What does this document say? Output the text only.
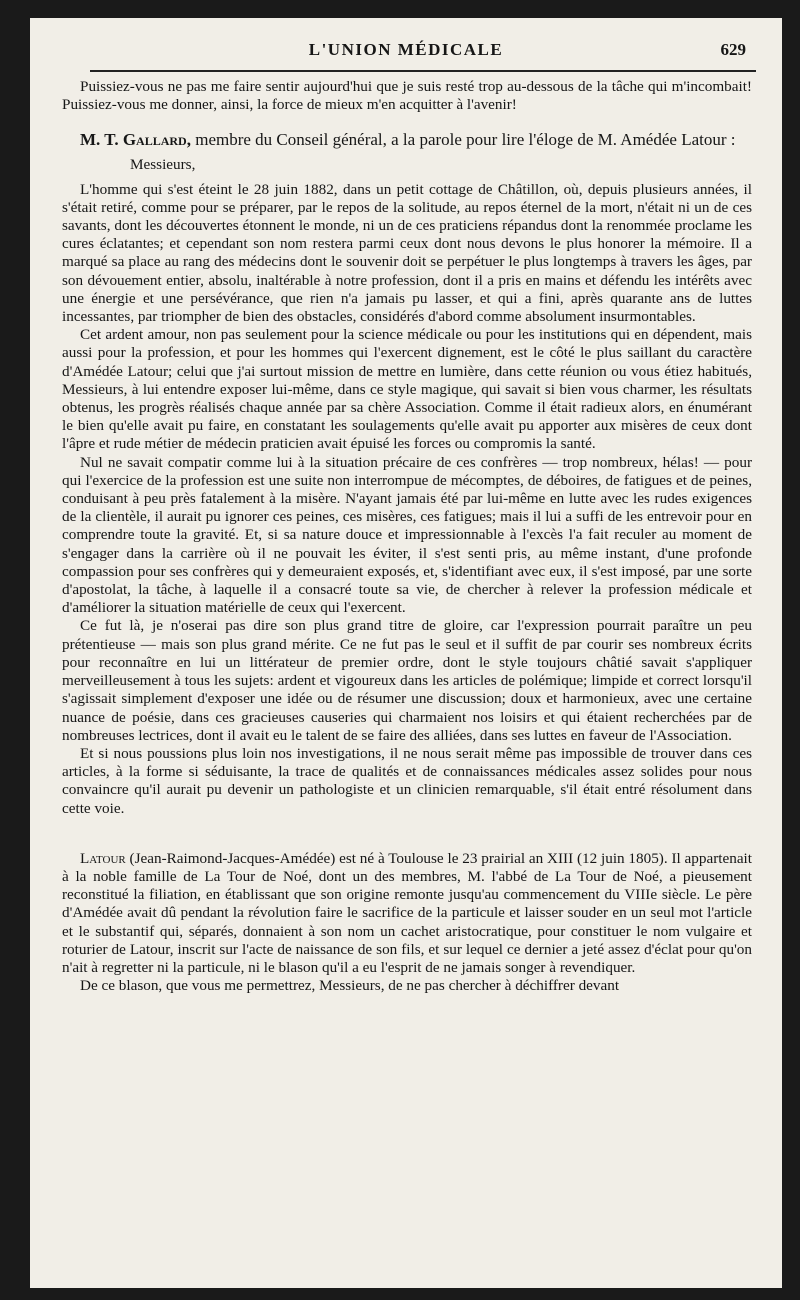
L'UNION MÉDICALE	629

Puissiez-vous ne pas me faire sentir aujourd'hui que je suis resté trop au-dessous de la tâche qui m'incombait! Puissiez-vous me donner, ainsi, la force de mieux m'en acquitter à l'avenir!

M. T. Gallard, membre du Conseil général, a la parole pour lire l'éloge de M. Amédée Latour :

Messieurs,

L'homme qui s'est éteint le 28 juin 1882, dans un petit cottage de Châtillon, où, depuis plusieurs années, il s'était retiré, comme pour se préparer, par le repos de la solitude, au repos éternel de la mort, n'était ni un de ces savants, dont les découvertes étonnent le monde, ni un de ces praticiens répandus dont la renommée proclame les cures éclatantes; et cependant son nom restera parmi ceux dont nous devons le plus honorer la mémoire. Il a marqué sa place au rang des médecins dont le souvenir doit se perpétuer le plus longtemps à travers les âges, par son dévouement entier, absolu, inaltérable à notre profession, dont il a pris en mains et défendu les intérêts avec une énergie et une persévérance, que rien n'a jamais pu lasser, et qui a fini, après quarante ans de luttes incessantes, par triompher de bien des obstacles, considérés d'abord comme absolument insurmontables.

Cet ardent amour, non pas seulement pour la science médicale ou pour les institutions qui en dépendent, mais aussi pour la profession, et pour les hommes qui l'exercent dignement, est le côté le plus saillant du caractère d'Amédée Latour; celui que j'ai surtout mission de mettre en lumière, dans cette réunion ou vous étiez habitués, Messieurs, à lui entendre exposer lui-même, dans ce style magique, qui savait si bien vous charmer, les résultats obtenus, les progrès réalisés chaque année par sa chère Association. Comme il était radieux alors, en énumérant le bien qu'elle avait pu faire, en constatant les soulagements qu'elle avait pu apporter aux misères de ceux dont l'âpre et rude métier de médecin praticien avait épuisé les forces ou compromis la santé.

Nul ne savait compatir comme lui à la situation précaire de ces confrères — trop nombreux, hélas! — pour qui l'exercice de la profession est une suite non interrompue de mécomptes, de déboires, de fatigues et de peines, conduisant à peu près fatalement à la misère. N'ayant jamais été par lui-même en lutte avec les rudes exigences de la clientèle, il aurait pu ignorer ces peines, ces misères, ces fatigues; mais il lui a suffi de les entrevoir pour en comprendre toute la gravité. Et, si sa nature douce et impressionnable à l'excès l'a fait reculer au moment de s'engager dans la carrière où il ne pouvait les éviter, il s'est senti pris, au même instant, d'une profonde compassion pour ses confrères qui y demeuraient exposés, et, s'identifiant avec eux, il s'est imposé, par une sorte d'apostolat, la tâche, à laquelle il a consacré toute sa vie, de chercher à relever la profession médicale et d'améliorer la situation matérielle de ceux qui l'exercent.

Ce fut là, je n'oserai pas dire son plus grand titre de gloire, car l'expression pourrait paraître un peu prétentieuse — mais son plus grand mérite. Ce ne fut pas le seul et il suffit de par courir ses nombreux écrits pour reconnaître en lui un littérateur de premier ordre, dont le style toujours châtié savait s'appliquer merveilleusement à tous les sujets: ardent et vigoureux dans les articles de polémique; limpide et correct lorsqu'il s'agissait simplement d'exposer une idée ou de résumer une discussion; doux et harmonieux, avec une certaine nuance de poésie, dans ces gracieuses causeries qui charmaient nos loisirs et qui étaient recherchées par de nombreuses lectrices, dont il avait eu le talent de se faire des alliées, dans ses luttes en faveur de l'Association.

Et si nous poussions plus loin nos investigations, il ne nous serait même pas impossible de trouver dans ces articles, à la forme si séduisante, la trace de qualités et de connaissances médicales assez solides pour nous convaincre qu'il aurait pu devenir un pathologiste et un clinicien remarquable, s'il était entré résolument dans cette voie.

Latour (Jean-Raimond-Jacques-Amédée) est né à Toulouse le 23 prairial an XIII (12 juin 1805). Il appartenait à la noble famille de La Tour de Noé, dont un des membres, M. l'abbé de La Tour de Noé, a pieusement reconstitué la filiation, en établissant que son origine remonte jusqu'au commencement du VIIIe siècle. Le père d'Amédée avait dû pendant la révolution faire le sacrifice de la particule et laisser souder en un seul mot l'article et le substantif qui, séparés, donnaient à son nom un cachet aristocratique, pour constituer le nom vulgaire et roturier de Latour, inscrit sur l'acte de naissance de son fils, et sur lequel ce dernier a jeté assez d'éclat pour qu'on n'ait à regretter ni la particule, ni le blason qu'il a eu l'esprit de ne jamais songer à revendiquer.

De ce blason, que vous me permettrez, Messieurs, de ne pas chercher à déchiffrer devant
